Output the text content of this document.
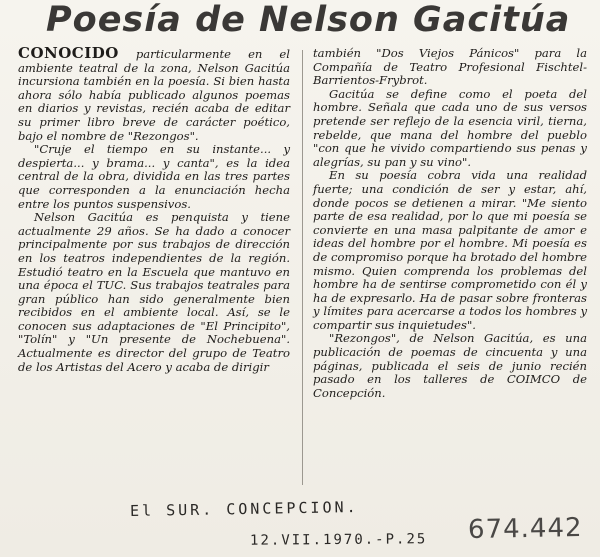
Poesía de Nelson Gacitúa

CONOCIDO particularmente en el ambiente teatral de la zona, Nelson Gacitúa incursiona también en la poesía. Si bien hasta ahora sólo había publicado algunos poemas en diarios y revistas, recién acaba de editar su primer libro breve de carácter poético, bajo el nombre de "Rezongos".

"Cruje el tiempo en su instante... y despierta... y brama... y canta", es la idea central de la obra, dividida en las tres partes que corresponden a la enunciación hecha entre los puntos suspensivos.

Nelson Gacitúa es penquista y tiene actualmente 29 años. Se ha dado a conocer principalmente por sus trabajos de dirección en los teatros independientes de la región. Estudió teatro en la Escuela que mantuvo en una época el TUC. Sus trabajos teatrales para gran público han sido generalmente bien recibidos en el ambiente local. Así, se le conocen sus adaptaciones de "El Principito", "Tolín" y "Un presente de Nochebuena". Actualmente es director del grupo de Teatro de los Artistas del Acero y acaba de dirigir

también "Dos Viejos Pánicos" para la Compañía de Teatro Profesional Fischtel-Barrientos-Frybrot.

Gacitúa se define como el poeta del hombre. Señala que cada uno de sus versos pretende ser reflejo de la esencia viril, tierna, rebelde, que mana del hombre del pueblo "con que he vivido compartiendo sus penas y alegrías, su pan y su vino".

En su poesía cobra vida una realidad fuerte; una condición de ser y estar, ahí, donde pocos se detienen a mirar. "Me siento parte de esa realidad, por lo que mi poesía se convierte en una masa palpitante de amor e ideas del hombre por el hombre. Mi poesía es de compromiso porque ha brotado del hombre mismo. Quien comprenda los problemas del hombre ha de sentirse comprometido con él y ha de expresarlo. Ha de pasar sobre fronteras y límites para acercarse a todos los hombres y compartir sus inquietudes".

"Rezongos", de Nelson Gacitúa, es una publicación de poemas de cincuenta y una páginas, publicada el seis de junio recién pasado en los talleres de COIMCO de Concepción.

El SUR. CONCEPCION.
12.VII.1970.-P.25 674.442
